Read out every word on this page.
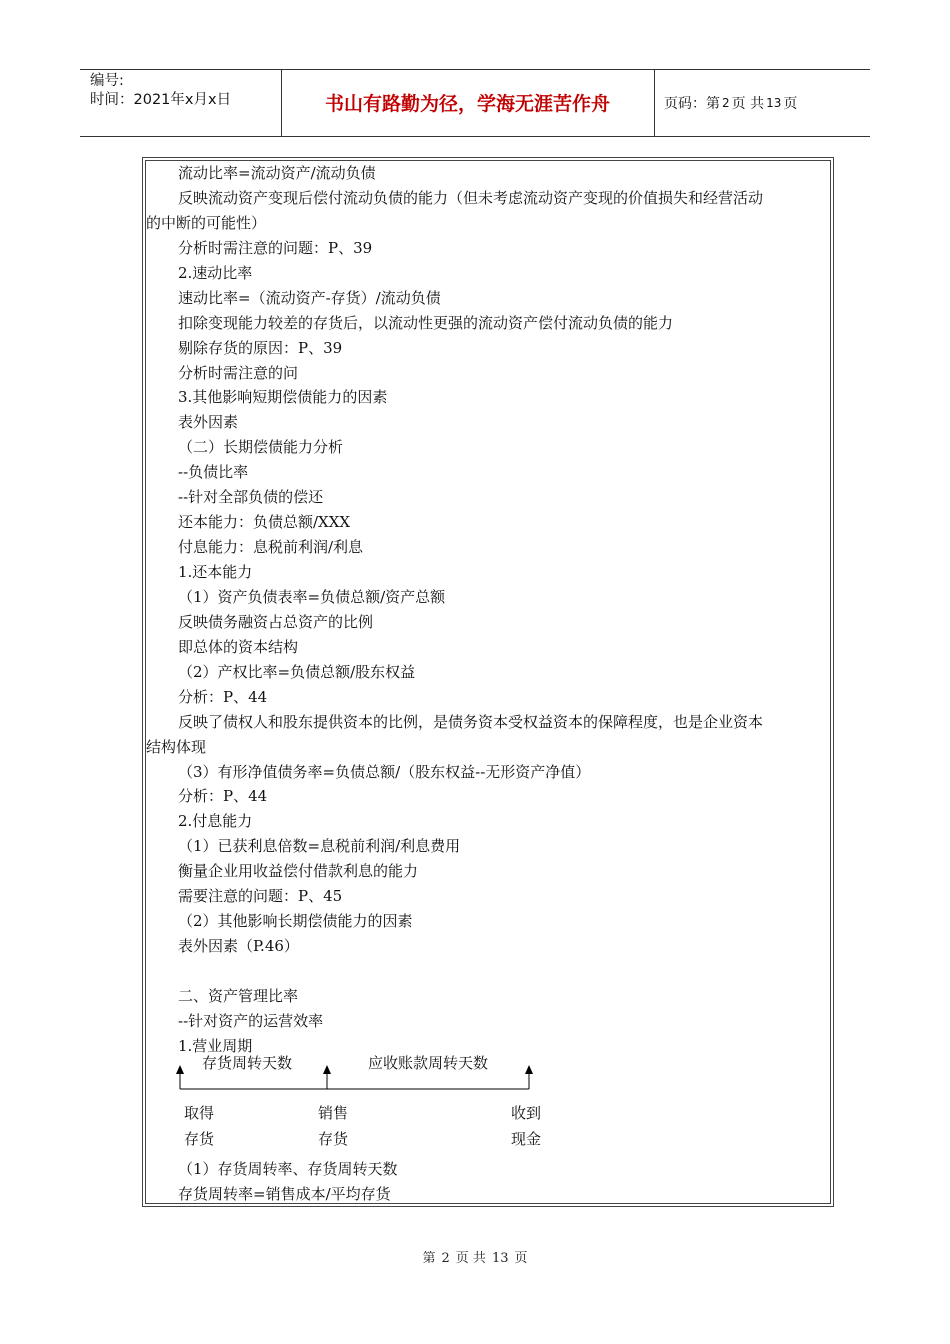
编号:
时间：2021年x月x日	书山有路勤为径，学海无涯苦作舟	页码：第 2 页 共 13 页
流动比率=流动资产/流动负债
反映流动资产变现后偿付流动负债的能力（但未考虑流动资产变现的价值损失和经营活动
的中断的可能性）
分析时需注意的问题：P、39
2.速动比率
速动比率=（流动资产-存货）/流动负债
扣除变现能力较差的存货后，以流动性更强的流动资产偿付流动负债的能力
剔除存货的原因：P、39
分析时需注意的问
3.其他影响短期偿债能力的因素
表外因素
（二）长期偿债能力分析
--负债比率
--针对全部负债的偿还
还本能力：负债总额/XXX
付息能力：息税前利润/利息
1.还本能力
（1）资产负债表率=负债总额/资产总额
反映债务融资占总资产的比例
即总体的资本结构
（2）产权比率=负债总额/股东权益
分析：P、44
反映了债权人和股东提供资本的比例，是债务资本受权益资本的保障程度，也是企业资本
结构体现
（3）有形净值债务率=负债总额/（股东权益--无形资产净值）
分析：P、44
2.付息能力
（1）已获利息倍数=息税前利润/利息费用
衡量企业用收益偿付借款利息的能力
需要注意的问题：P、45
（2）其他影响长期偿债能力的因素
表外因素（P.46）
二、资产管理比率
--针对资产的运营效率
1.营业周期
存货周转天数	应收账款周转天数
取得
存货
销售
存货
收到
现金
（1）存货周转率、存货周转天数
存货周转率=销售成本/平均存货
第 2 页 共 13 页
